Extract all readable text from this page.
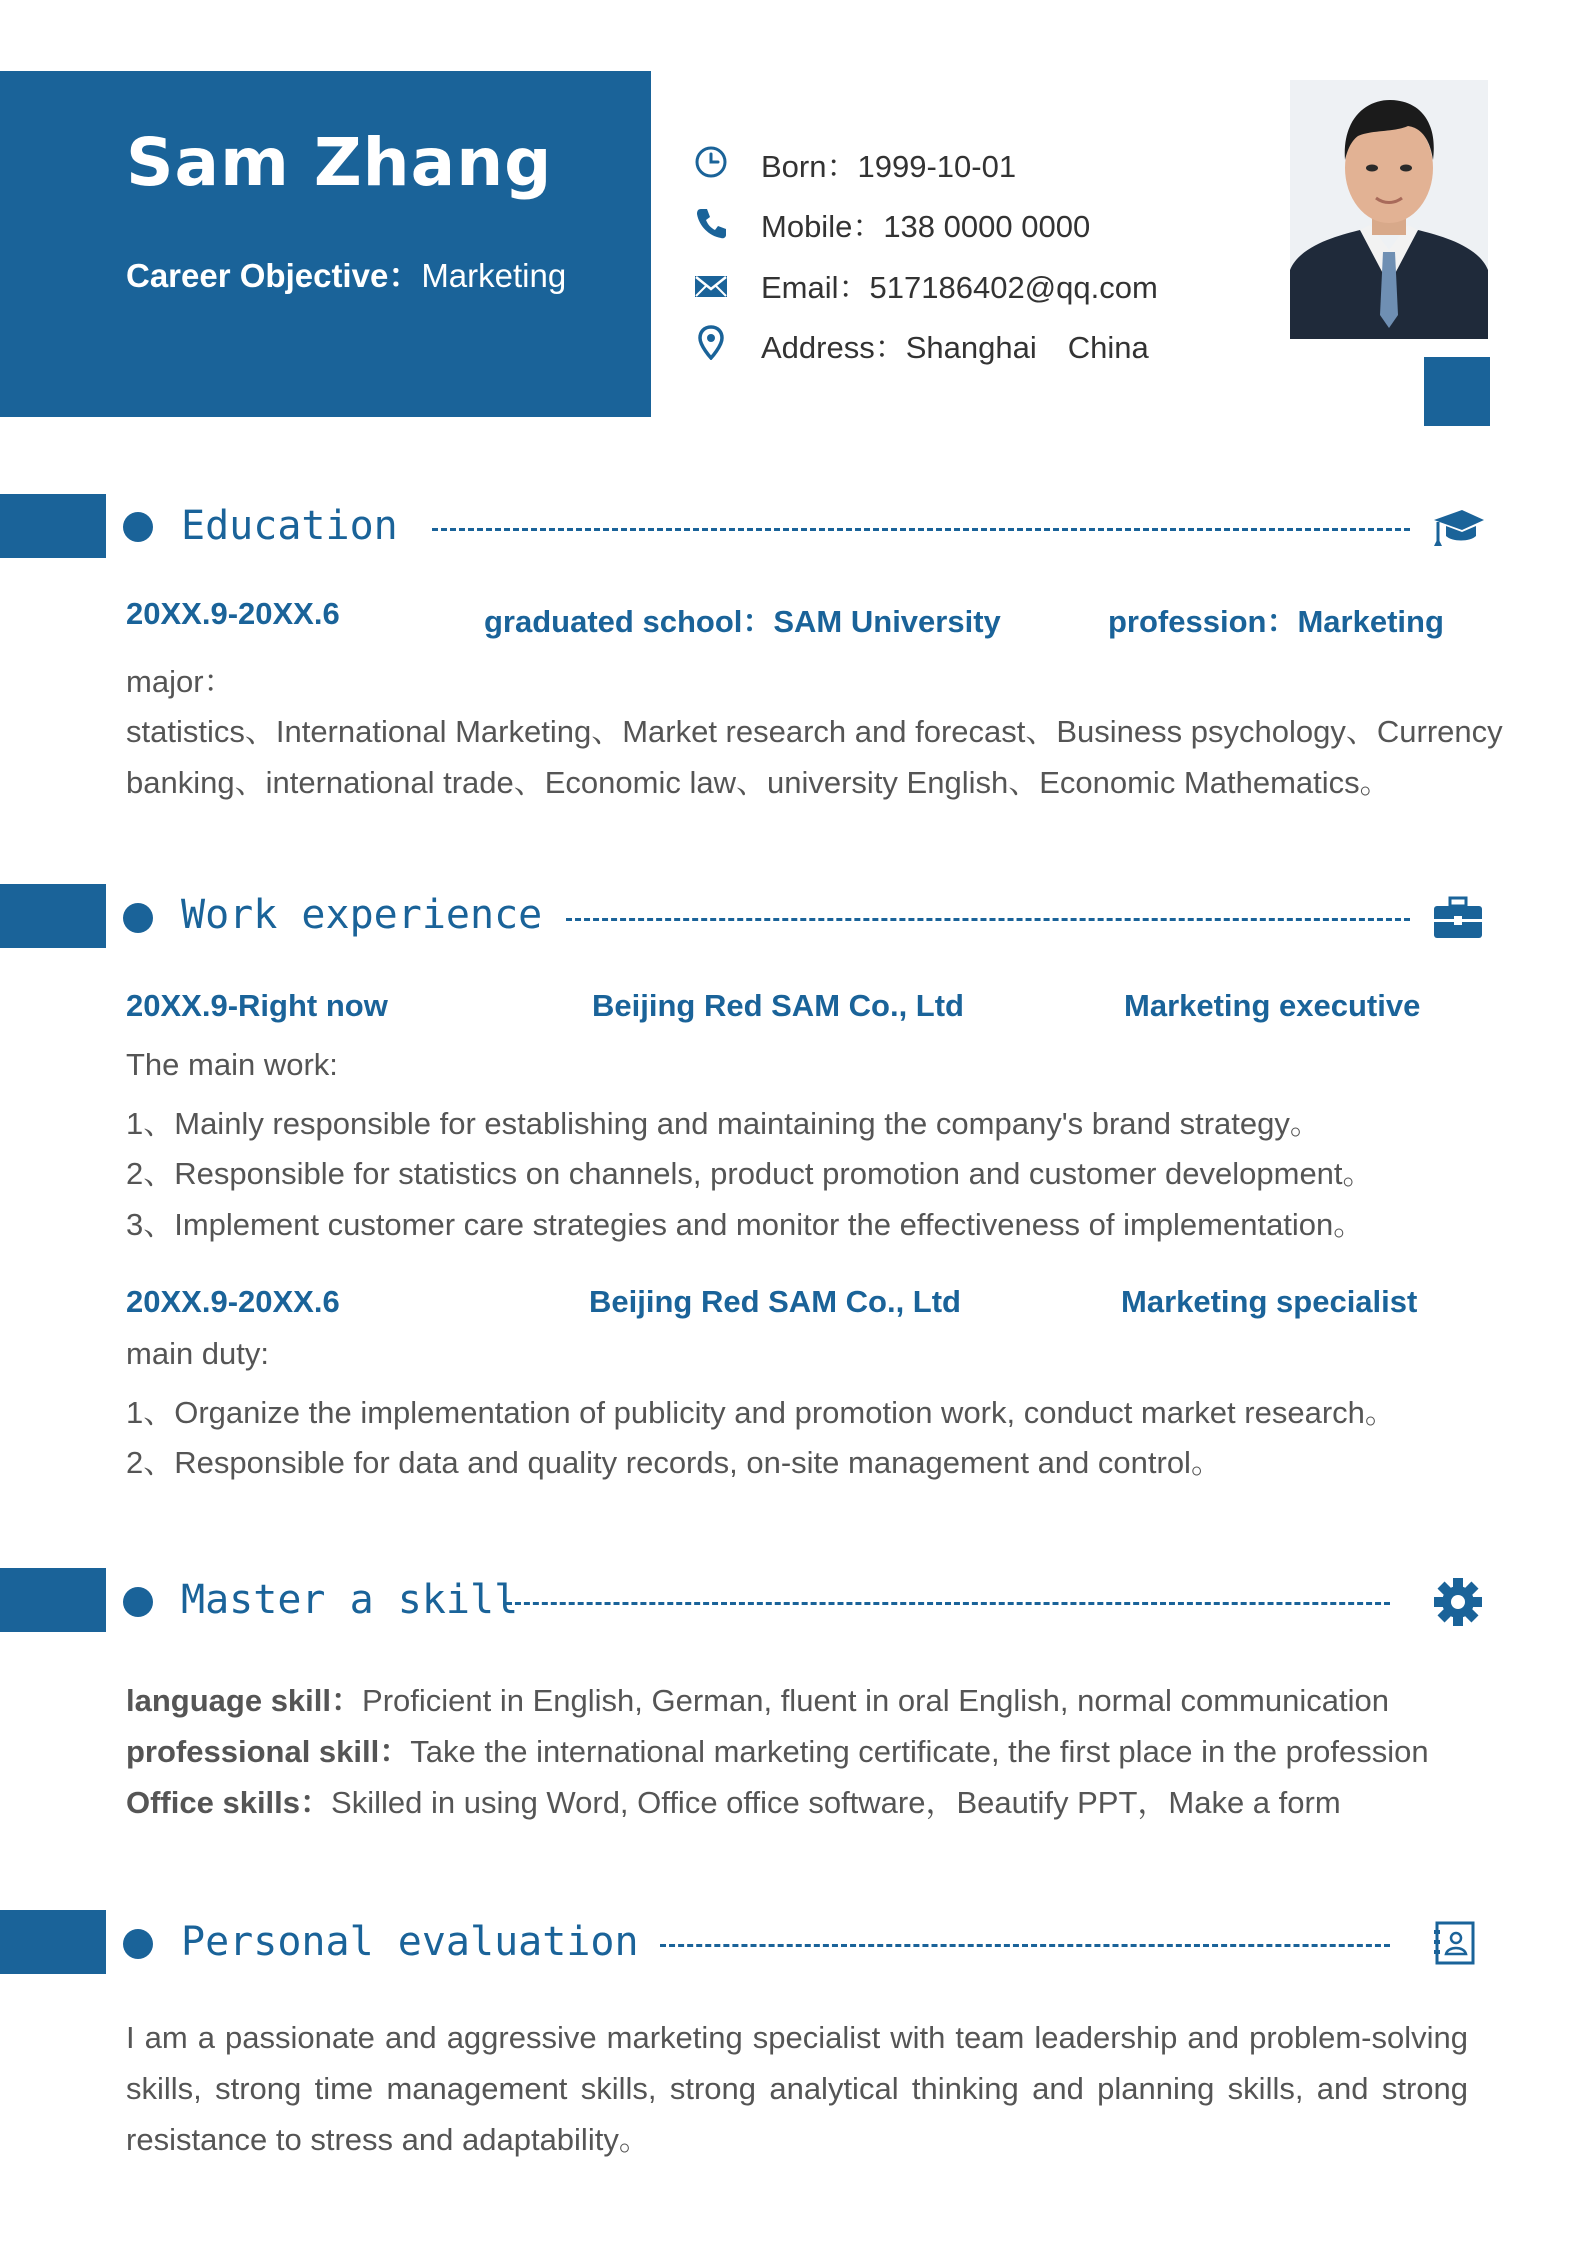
Sam Zhang
Career Objective：Marketing
Born：1999-10-01
Mobile：138 0000 0000
Email：517186402@qq.com
Address：Shanghai　China
Education
20XX.9-20XX.6	graduated school：SAM University	profession：Marketing
major：
statistics、International Marketing、Market research and forecast、Business psychology、Currency
banking、international trade、Economic law、university English、Economic Mathematics。
Work experience
20XX.9-Right now	Beijing Red SAM Co., Ltd	Marketing executive
The main work:
1、Mainly responsible for establishing and maintaining the company's brand strategy。
2、Responsible for statistics on channels, product promotion and customer development。
3、Implement customer care strategies and monitor the effectiveness of implementation。
20XX.9-20XX.6	Beijing Red SAM Co., Ltd	Marketing specialist
main duty:
1、Organize the implementation of publicity and promotion work, conduct market research。
2、Responsible for data and quality records, on-site management and control。
Master a skill
language skill：Proficient in English, German, fluent in oral English, normal communication
professional skill：Take the international marketing certificate, the first place in the profession
Office skills：Skilled in using Word, Office office software，Beautify PPT，Make a form
Personal evaluation
I am a passionate and aggressive marketing specialist with team leadership and problem-solving skills, strong time management skills, strong analytical thinking and planning skills, and strong resistance to stress and adaptability。
